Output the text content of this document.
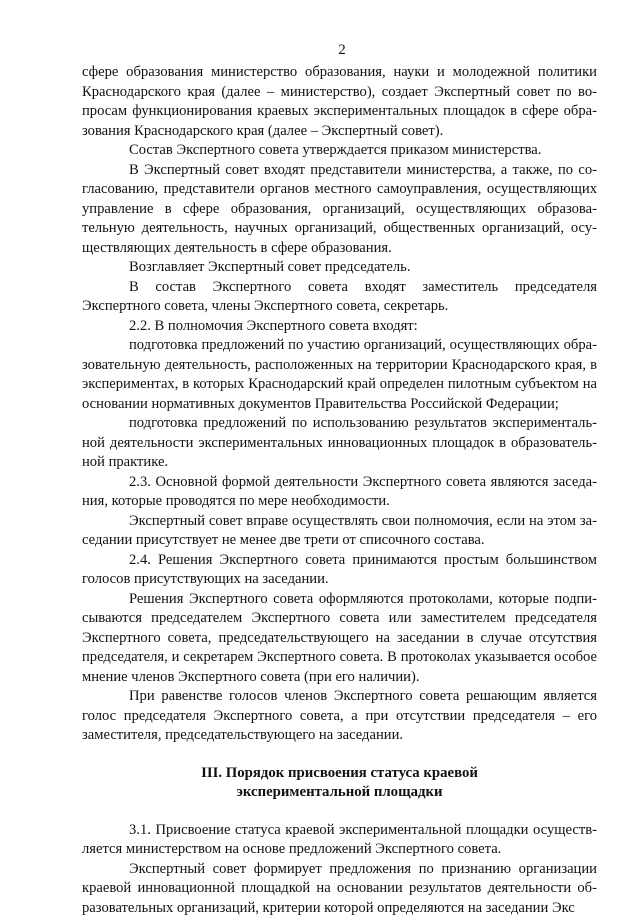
2

сфере образования министерство образования, науки и молодежной политики Краснодарского края (далее – министерство), создает Экспертный совет по вопросам функционирования краевых экспериментальных площадок в сфере образования Краснодарского края (далее – Экспертный совет).

Состав Экспертного совета утверждается приказом министерства.

В Экспертный совет входят представители министерства, а также, по согласованию, представители органов местного самоуправления, осуществляющих управление в сфере образования, организаций, осуществляющих образовательную деятельность, научных организаций, общественных организаций, осуществляющих деятельность в сфере образования.

Возглавляет Экспертный совет председатель.

В состав Экспертного совета входят заместитель председателя Экспертного совета, члены Экспертного совета, секретарь.

2.2. В полномочия Экспертного совета входят:

подготовка предложений по участию организаций, осуществляющих образовательную деятельность, расположенных на территории Краснодарского края, в экспериментах, в которых Краснодарский край определен пилотным субъектом на основании нормативных документов Правительства Российской Федерации;

подготовка предложений по использованию результатов экспериментальной деятельности экспериментальных инновационных площадок в образовательной практике.

2.3. Основной формой деятельности Экспертного совета являются заседания, которые проводятся по мере необходимости.

Экспертный совет вправе осуществлять свои полномочия, если на этом заседании присутствует не менее две трети от списочного состава.

2.4. Решения Экспертного совета принимаются простым большинством голосов присутствующих на заседании.

Решения Экспертного совета оформляются протоколами, которые подписываются председателем Экспертного совета или заместителем председателя Экспертного совета, председательствующего на заседании в случае отсутствия председателя, и секретарем Экспертного совета. В протоколах указывается особое мнение членов Экспертного совета (при его наличии).

При равенстве голосов членов Экспертного совета решающим является голос председателя Экспертного совета, а при отсутствии председателя – его заместителя, председательствующего на заседании.

III. Порядок присвоения статуса краевой
экспериментальной площадки

3.1. Присвоение статуса краевой экспериментальной площадки осуществляется министерством на основе предложений Экспертного совета.

Экспертный совет формирует предложения по признанию организации краевой инновационной площадкой на основании результатов деятельности образовательных организаций, критерии которой определяются на заседании Экс
